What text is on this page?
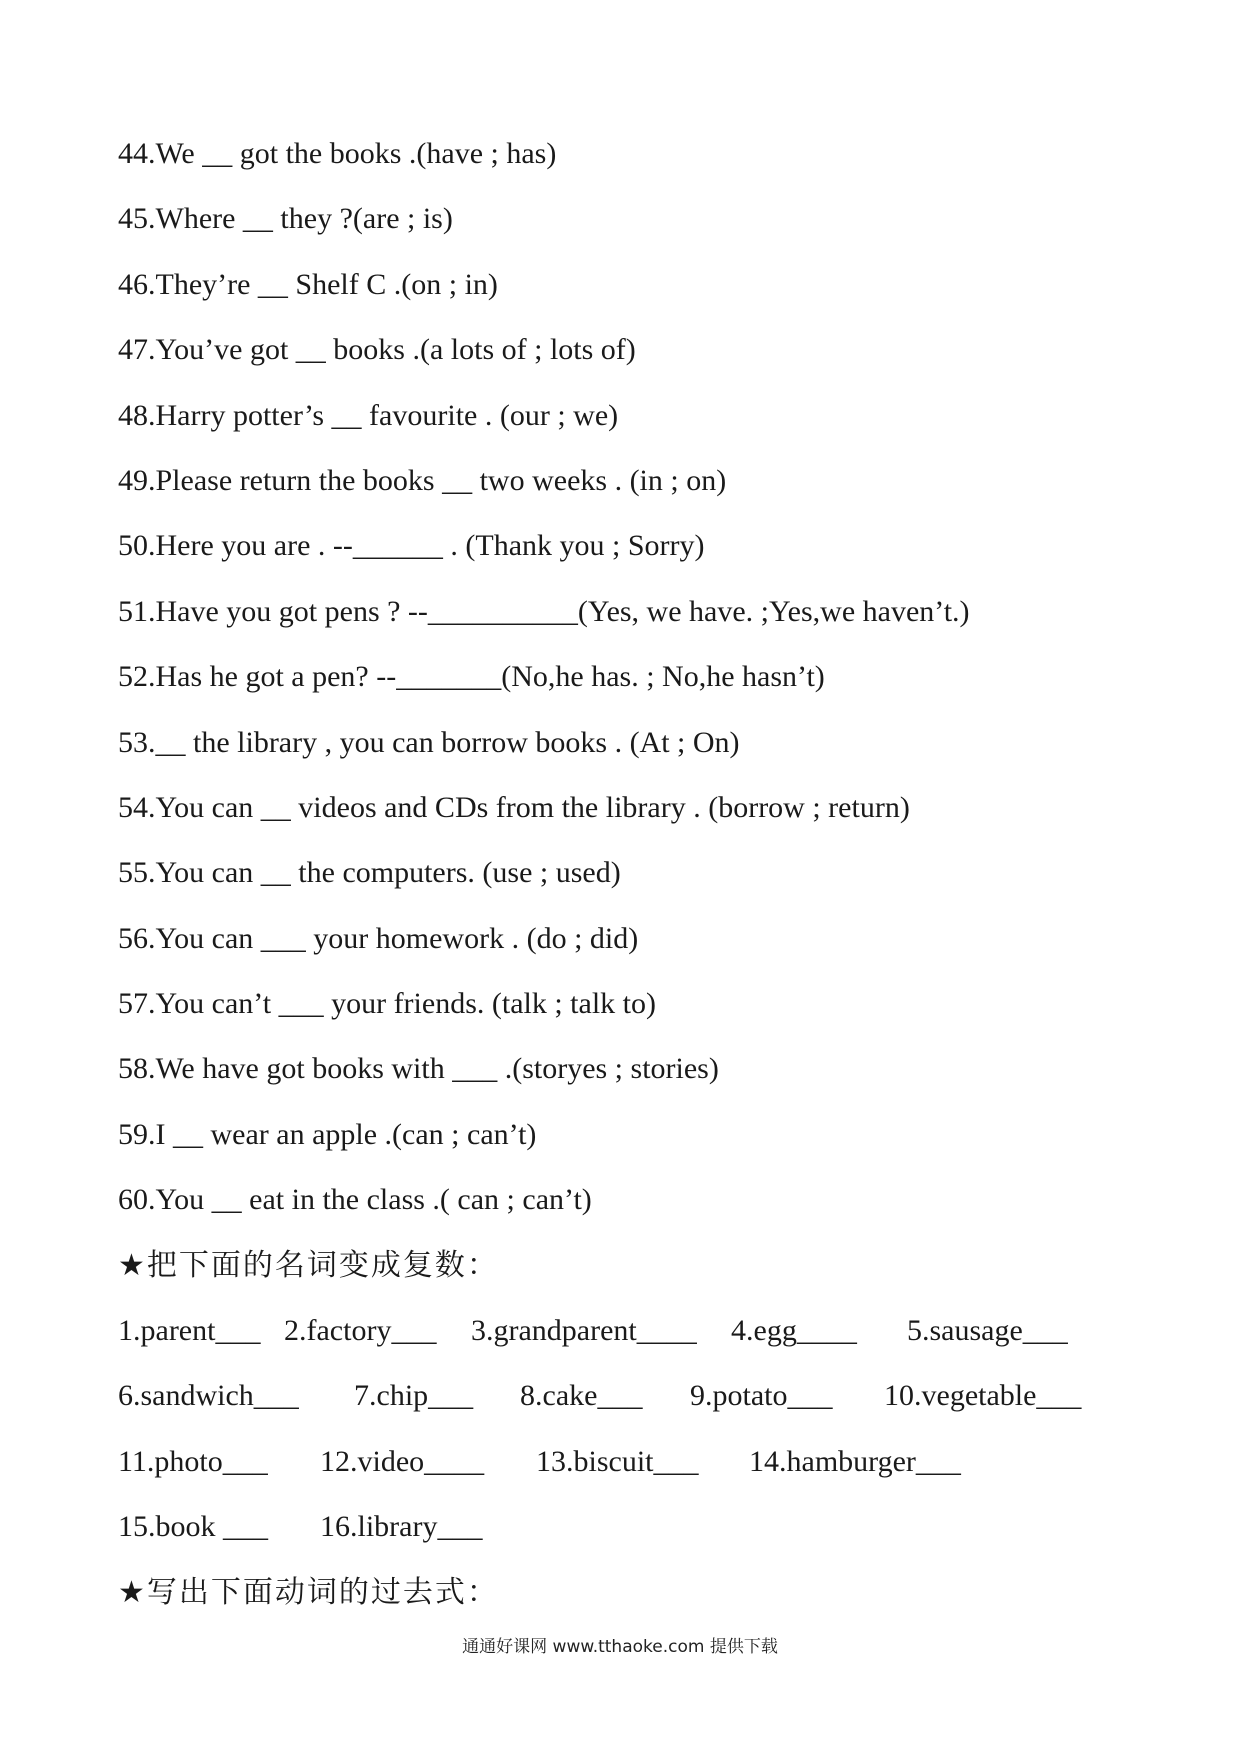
44.We __ got the books .(have ; has)
45.Where __ they ?(are ; is)
46.They’re __ Shelf C .(on ; in)
47.You’ve got __ books .(a lots of ; lots of)
48.Harry potter’s __ favourite . (our ; we)
49.Please return the books __ two weeks . (in ; on)
50.Here you are . --______ . (Thank you ; Sorry)
51.Have you got pens ? --__________(Yes, we have. ;Yes,we haven’t.)
52.Has he got a pen? --_______(No,he has. ; No,he hasn’t)
53.__ the library , you can borrow books . (At ; On)
54.You can __ videos and CDs from the library . (borrow ; return)
55.You can __ the computers. (use ; used)
56.You can ___ your homework . (do ; did)
57.You can’t ___ your friends. (talk ; talk to)
58.We have got books with ___ .(storyes ; stories)
59.I __ wear an apple .(can ; can’t)
60.You __ eat in the class .( can ; can’t)
★把下面的名词变成复数：
1.parent___ 2.factory___	3.grandparent____	4.egg____	5.sausage___
6.sandwich___	7.chip___	8.cake___	9.potato___	10.vegetable___
11.photo___	12.video____	13.biscuit___	14.hamburger___
15.book ___	16.library___
★写出下面动词的过去式：
通通好课网 www.tthaoke.com 提供下载
